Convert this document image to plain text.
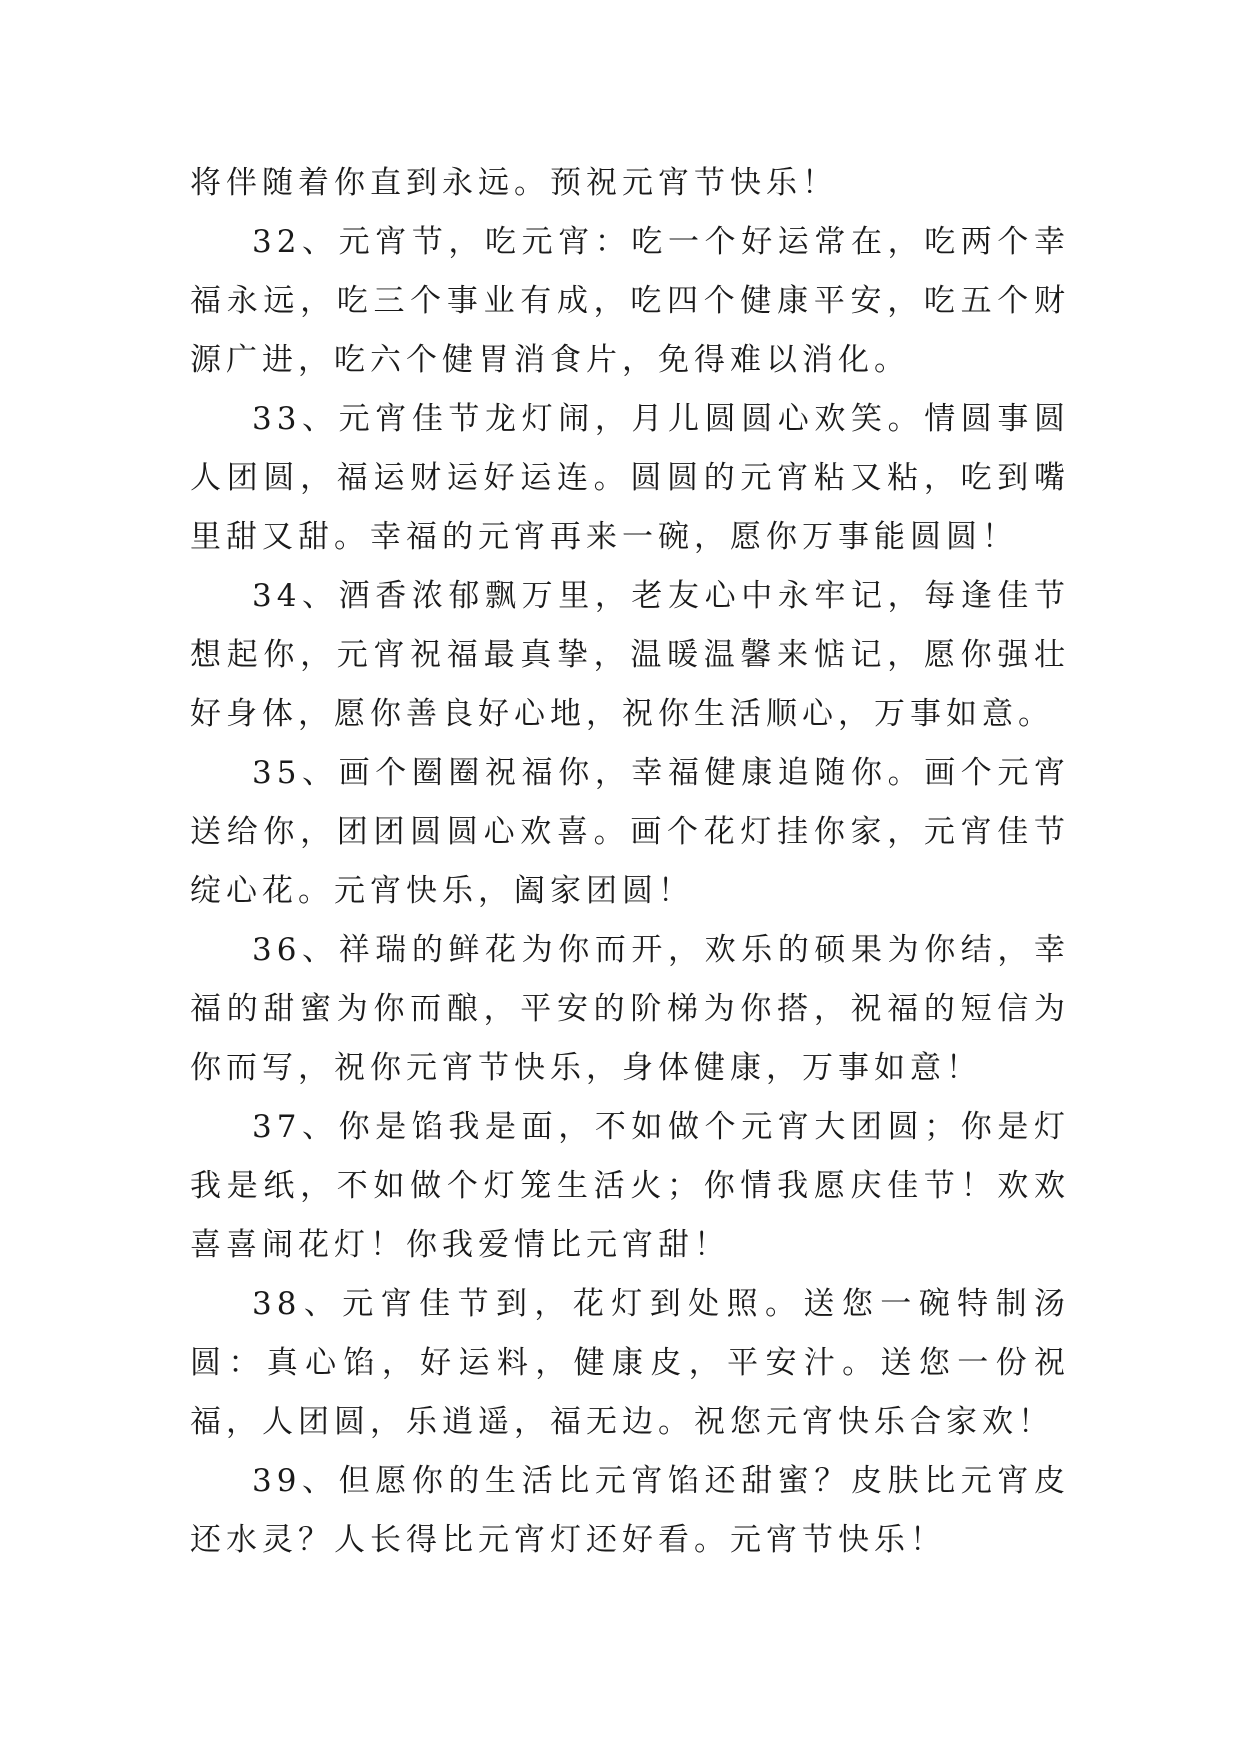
将伴随着你直到永远。预祝元宵节快乐！

32、元宵节，吃元宵：吃一个好运常在，吃两个幸福永远，吃三个事业有成，吃四个健康平安，吃五个财源广进，吃六个健胃消食片，免得难以消化。

33、元宵佳节龙灯闹，月儿圆圆心欢笑。情圆事圆人团圆，福运财运好运连。圆圆的元宵粘又粘，吃到嘴里甜又甜。幸福的元宵再来一碗，愿你万事能圆圆！

34、酒香浓郁飘万里，老友心中永牢记，每逢佳节想起你，元宵祝福最真挚，温暖温馨来惦记，愿你强壮好身体，愿你善良好心地，祝你生活顺心，万事如意。

35、画个圈圈祝福你，幸福健康追随你。画个元宵送给你，团团圆圆心欢喜。画个花灯挂你家，元宵佳节绽心花。元宵快乐，阖家团圆！

36、祥瑞的鲜花为你而开，欢乐的硕果为你结，幸福的甜蜜为你而酿，平安的阶梯为你搭，祝福的短信为你而写，祝你元宵节快乐，身体健康，万事如意！

37、你是馅我是面，不如做个元宵大团圆；你是灯我是纸，不如做个灯笼生活火；你情我愿庆佳节！欢欢喜喜闹花灯！你我爱情比元宵甜！

38、元宵佳节到，花灯到处照。送您一碗特制汤圆：真心馅，好运料，健康皮，平安汁。送您一份祝福，人团圆，乐逍遥，福无边。祝您元宵快乐合家欢！

39、但愿你的生活比元宵馅还甜蜜？皮肤比元宵皮还水灵？人长得比元宵灯还好看。元宵节快乐！
